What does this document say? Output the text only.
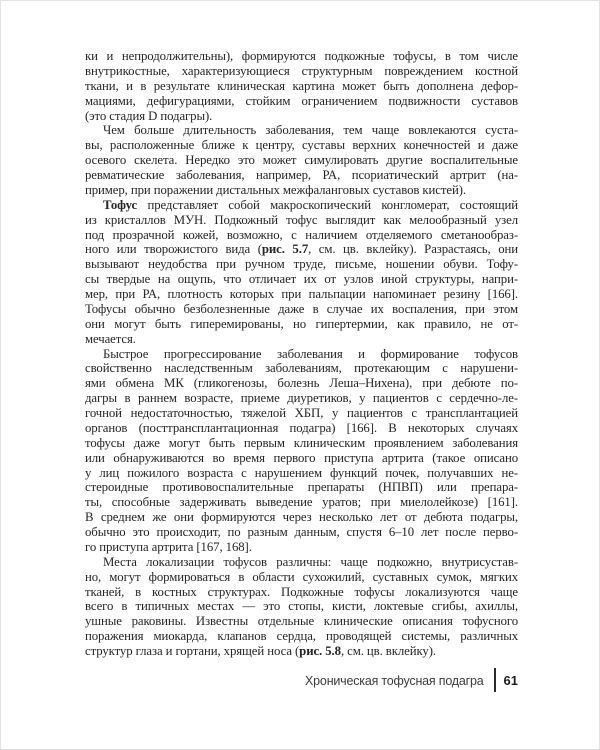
ки и непродолжительны), формируются подкожные тофусы, в том числе
внутрикостные, характеризующиеся структурным повреждением костной
ткани, и в результате клиническая картина может быть дополнена дефор-
мациями, дефигурациями, стойким ограничением подвижности суставов
(это стадия D подагры).
Чем больше длительность заболевания, тем чаще вовлекаются суста-
вы, расположенные ближе к центру, суставы верхних конечностей и даже
осевого скелета. Нередко это может симулировать другие воспалительные
ревматические заболевания, например, РА, псориатический артрит (на-
пример, при поражении дистальных межфаланговых суставов кистей).
Тофус представляет собой макроскопический конгломерат, состоящий
из кристаллов МУН. Подкожный тофус выглядит как мелообразный узел
под прозрачной кожей, возможно, с наличием отделяемого сметанообраз-
ного или творожистого вида (рис. 5.7, см. цв. вклейку). Разрастаясь, они
вызывают неудобства при ручном труде, письме, ношении обуви. Тофу-
сы твердые на ощупь, что отличает их от узлов иной структуры, напри-
мер, при РА, плотность которых при пальпации напоминает резину [166].
Тофусы обычно безболезненные даже в случае их воспаления, при этом
они могут быть гиперемированы, но гипертермии, как правило, не от-
мечается.
Быстрое прогрессирование заболевания и формирование тофусов
свойственно наследственным заболеваниям, протекающим с нарушени-
ями обмена МК (гликогенозы, болезнь Леша–Нихена), при дебюте по-
дагры в раннем возрасте, приеме диуретиков, у пациентов с сердечно-ле-
гочной недостаточностью, тяжелой ХБП, у пациентов с трансплантацией
органов (посттрансплантационная подагра) [166]. В некоторых случаях
тофусы даже могут быть первым клиническим проявлением заболевания
или обнаруживаются во время первого приступа артрита (такое описано
у лиц пожилого возраста с нарушением функций почек, получавших не-
стероидные противовоспалительные препараты (НПВП) или препара-
ты, способные задерживать выведение уратов; при миелолейкозе) [161].
В среднем же они формируются через несколько лет от дебюта подагры,
обычно это происходит, по разным данным, спустя 6–10 лет после перво-
го приступа артрита [167, 168].
Места локализации тофусов различны: чаще подкожно, внутрисустав-
но, могут формироваться в области сухожилий, суставных сумок, мягких
тканей, в костных структурах. Подкожные тофусы локализуются чаще
всего в типичных местах — это стопы, кисти, локтевые сгибы, ахиллы,
ушные раковины. Известны отдельные клинические описания тофусного
поражения миокарда, клапанов сердца, проводящей системы, различных
структур глаза и гортани, хрящей носа (рис. 5.8, см. цв. вклейку).
Хроническая тофусная подагра 61
